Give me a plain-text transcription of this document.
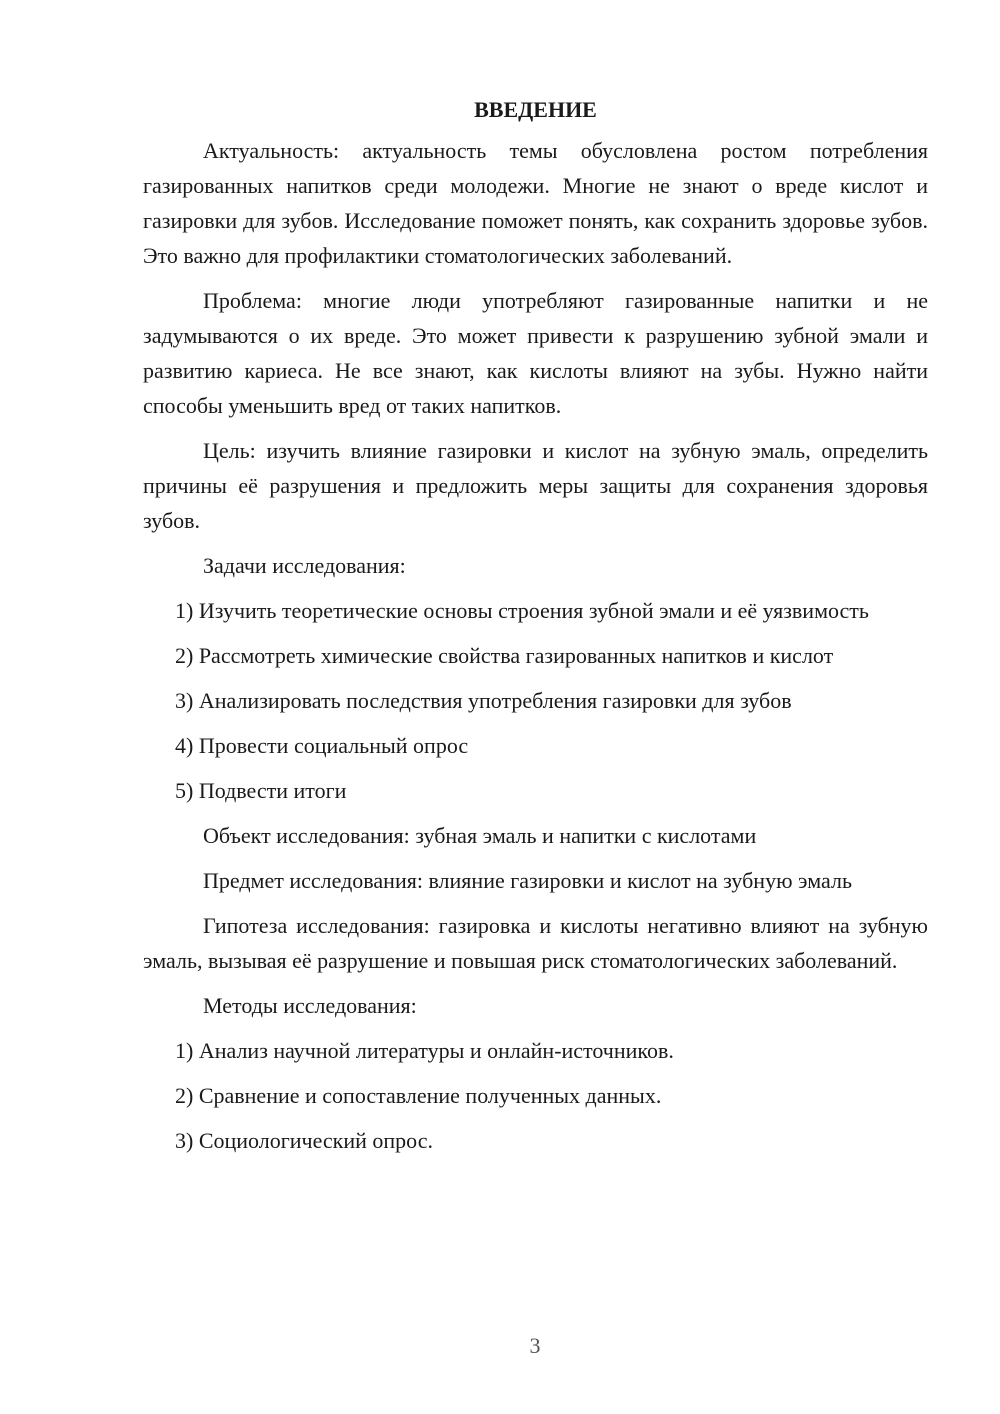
ВВЕДЕНИЕ

Актуальность: актуальность темы обусловлена ростом потребления газированных напитков среди молодежи. Многие не знают о вреде кислот и газировки для зубов. Исследование поможет понять, как сохранить здоровье зубов. Это важно для профилактики стоматологических заболеваний.

Проблема: многие люди употребляют газированные напитки и не задумываются о их вреде. Это может привести к разрушению зубной эмали и развитию кариеса. Не все знают, как кислоты влияют на зубы. Нужно найти способы уменьшить вред от таких напитков.

Цель: изучить влияние газировки и кислот на зубную эмаль, определить причины её разрушения и предложить меры защиты для сохранения здоровья зубов.

Задачи исследования:

1) Изучить теоретические основы строения зубной эмали и её уязвимость

2) Рассмотреть химические свойства газированных напитков и кислот

3) Анализировать последствия употребления газировки для зубов

4) Провести социальный опрос

5) Подвести итоги

Объект исследования: зубная эмаль и напитки с кислотами

Предмет исследования: влияние газировки и кислот на зубную эмаль

Гипотеза исследования: газировка и кислоты негативно влияют на зубную эмаль, вызывая её разрушение и повышая риск стоматологических заболеваний.

Методы исследования:

1) Анализ научной литературы и онлайн-источников.

2) Сравнение и сопоставление полученных данных.

3) Социологический опрос.

3
